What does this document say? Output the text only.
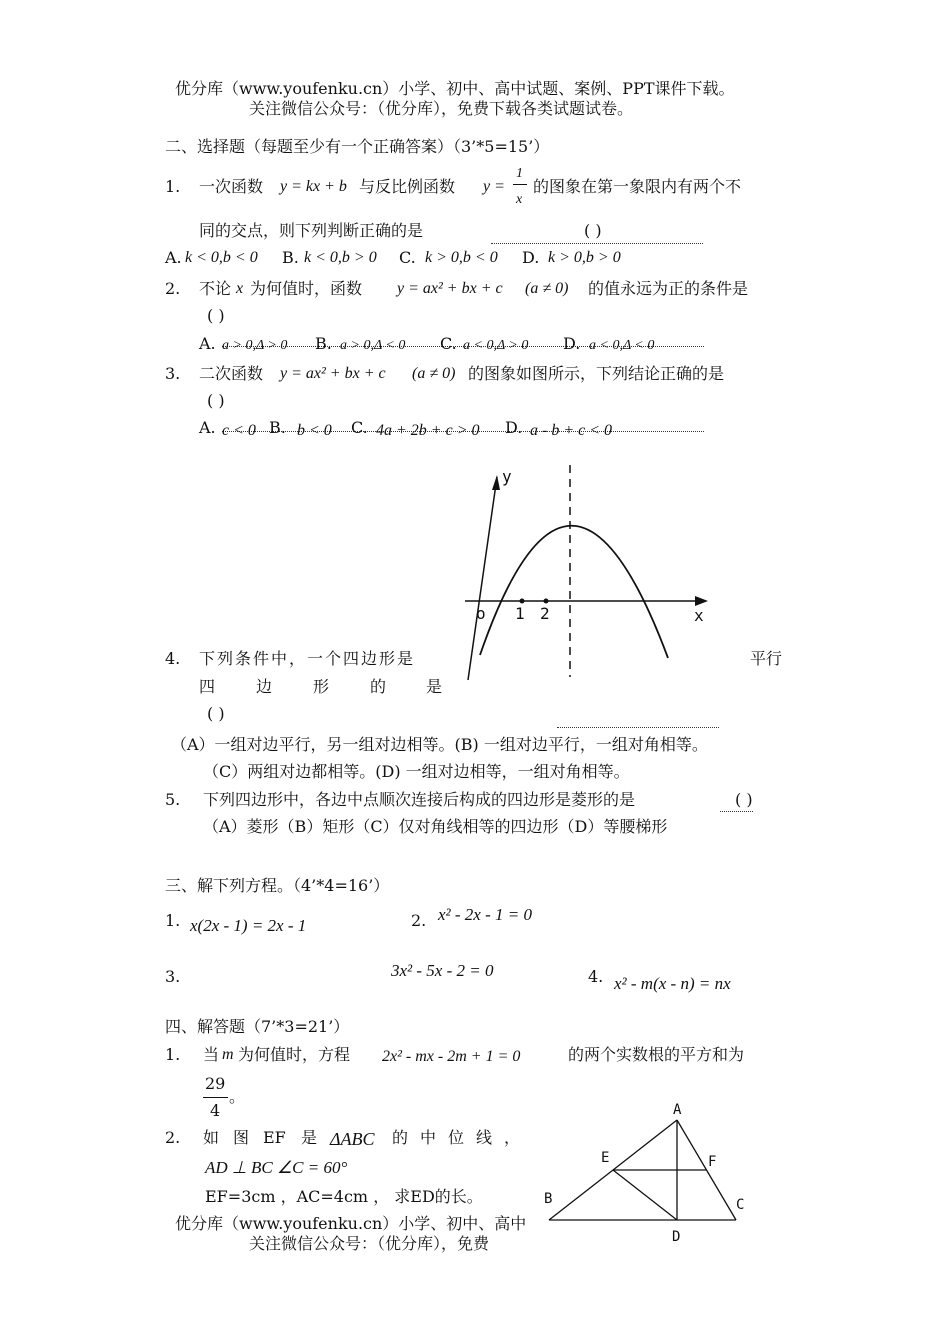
优分库（www.youfenku.cn）小学、初中、高中试题、案例、PPT课件下载。
关注微信公众号：（优分库），免费下载各类试题试卷。
二、选择题（每题至少有一个正确答案）（3’*5=15’）
1. 一次函数 y = kx + b 与反比例函数 y =
1
x
的图象在第一象限内有两个不
同的交点，则下列判断正确的是	( )
A. k < 0,b < 0 B. k < 0,b > 0 C. k > 0,b < 0 D. k > 0,b > 0
2. 不论 x 为何值时，函数 y = ax² + bx + c (a ≠ 0) 的值永远为正的条件是
( )
A. a > 0,Δ > 0 B. a > 0,Δ < 0 C. a < 0,Δ > 0 D. a < 0,Δ < 0
3. 二次函数 y = ax² + bx + c (a ≠ 0) 的图象如图所示，下列结论正确的是
( )
A. c < 0 B. b < 0 C. 4a + 2b + c > 0 D. a - b + c < 0
y
x
o 1 2
4. 下列条件中，一个四边形是	平行
四	边	形	的 是
( )
（A）一组对边平行，另一组对边相等。(B) 一组对边平行，一组对角相等。
（C）两组对边都相等。(D) 一组对边相等，一组对角相等。
5. 下列四边形中，各边中点顺次连接后构成的四边形是菱形的是	( )
（A）菱形（B）矩形（C）仅对角线相等的四边形（D）等腰梯形
三、解下列方程。（4’*4=16’）
1. x(2x - 1) = 2x - 1	2. x² - 2x - 1 = 0
3.	3x² - 5x - 2 = 0	4. x² - m(x - n) = nx
四、解答题（7’*3=21’）
1. 当 m 为何值时，方程 2x² - mx - 2m + 1 = 0	的两个实数根的平方和为
29
4
。
2. 如 图 EF 是 ΔABC 的 中 位 线 ，
AD ⊥ BC ∠C = 60°
EF=3cm ，AC=4cm ， 求ED的长。
A
B	C
D
E	F
优分库（www.youfenku.cn）小学、初中、高中
关注微信公众号：（优分库），免费
